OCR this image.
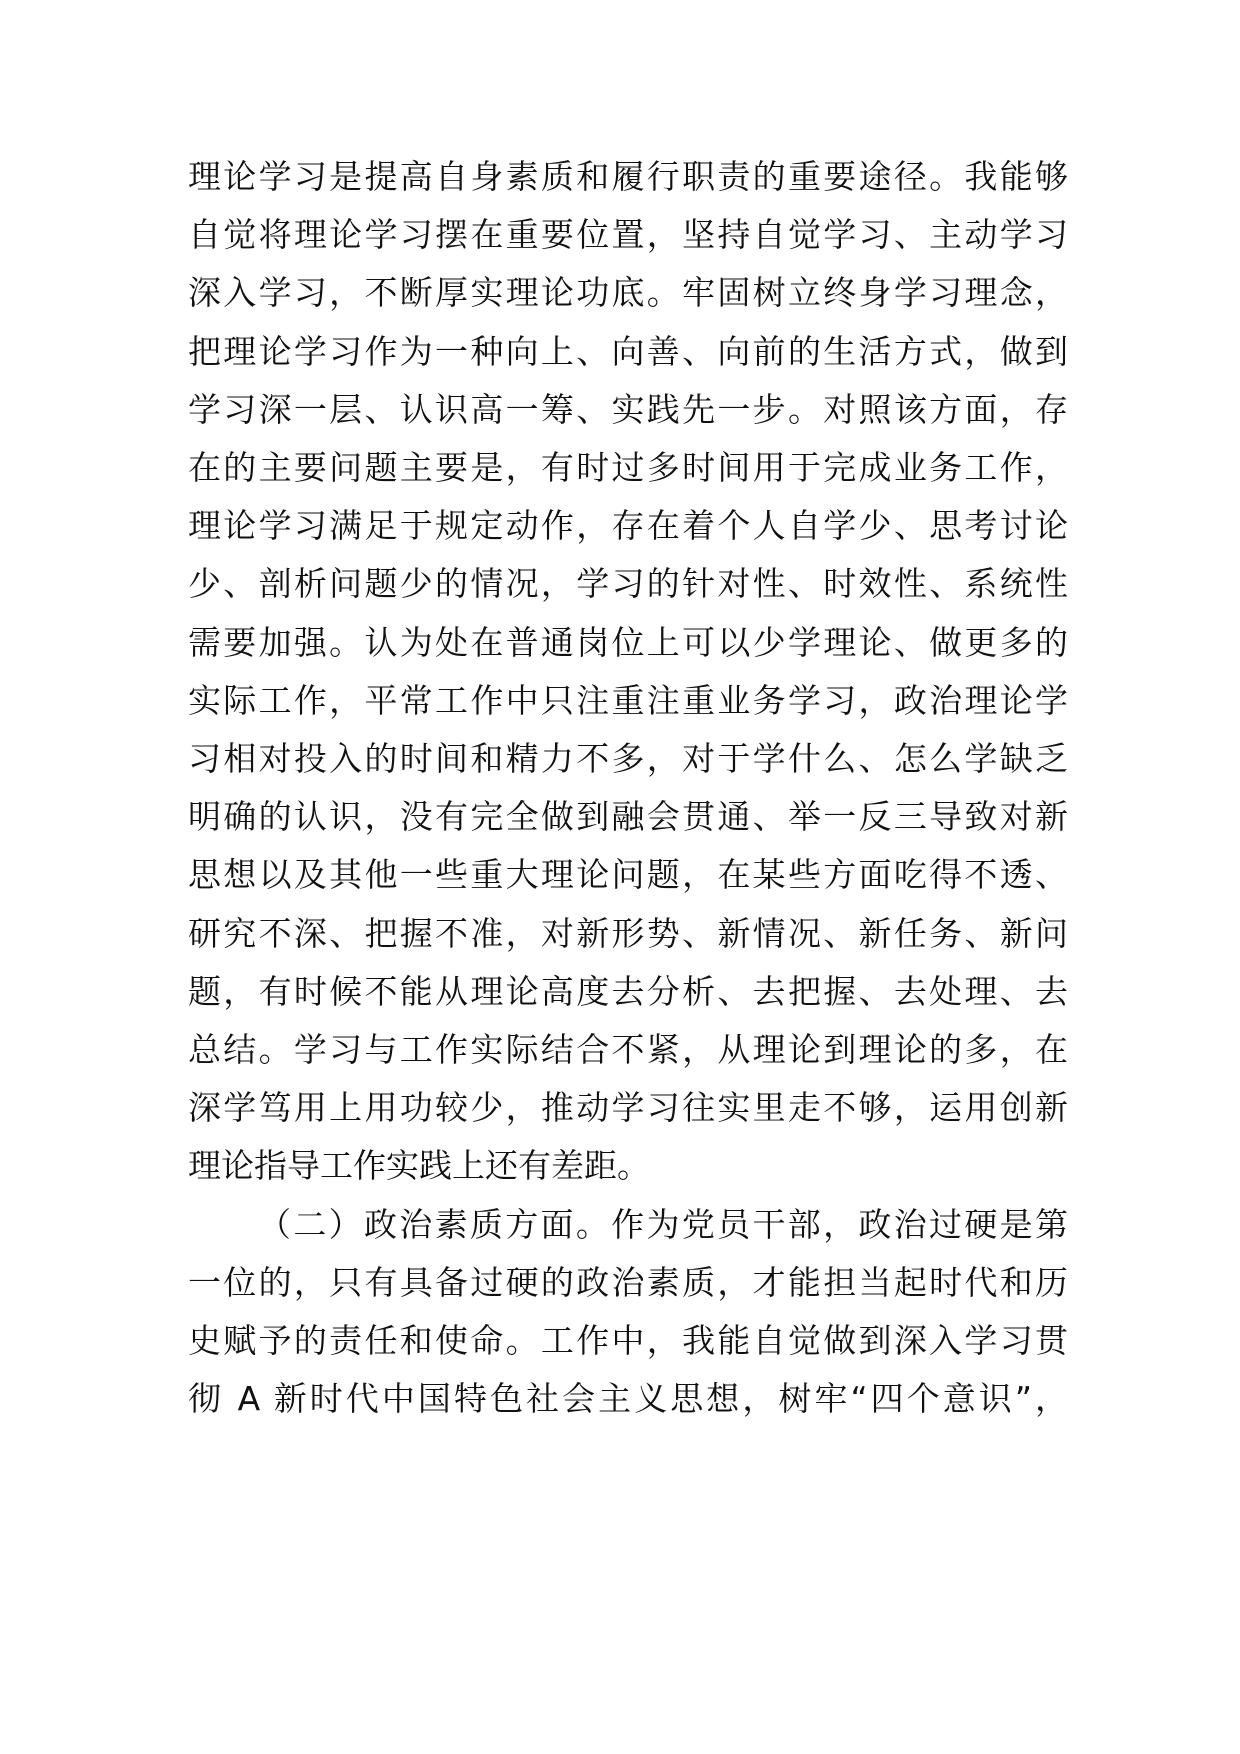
理论学习是提高自身素质和履行职责的重要途径。我能够
自觉将理论学习摆在重要位置，坚持自觉学习、主动学习
深入学习，不断厚实理论功底。牢固树立终身学习理念，
把理论学习作为一种向上、向善、向前的生活方式，做到
学习深一层、认识高一筹、实践先一步。对照该方面，存
在的主要问题主要是，有时过多时间用于完成业务工作，
理论学习满足于规定动作，存在着个人自学少、思考讨论
少、剖析问题少的情况，学习的针对性、时效性、系统性
需要加强。认为处在普通岗位上可以少学理论、做更多的
实际工作，平常工作中只注重注重业务学习，政治理论学
习相对投入的时间和精力不多，对于学什么、怎么学缺乏
明确的认识，没有完全做到融会贯通、举一反三导致对新
思想以及其他一些重大理论问题，在某些方面吃得不透、
研究不深、把握不准，对新形势、新情况、新任务、新问
题，有时候不能从理论高度去分析、去把握、去处理、去
总结。学习与工作实际结合不紧，从理论到理论的多，在
深学笃用上用功较少，推动学习往实里走不够，运用创新
理论指导工作实践上还有差距。
（二）政治素质方面。作为党员干部，政治过硬是第
一位的，只有具备过硬的政治素质，才能担当起时代和历
史赋予的责任和使命。工作中，我能自觉做到深入学习贯
彻 A 新时代中国特色社会主义思想，树牢“四个意识”，
